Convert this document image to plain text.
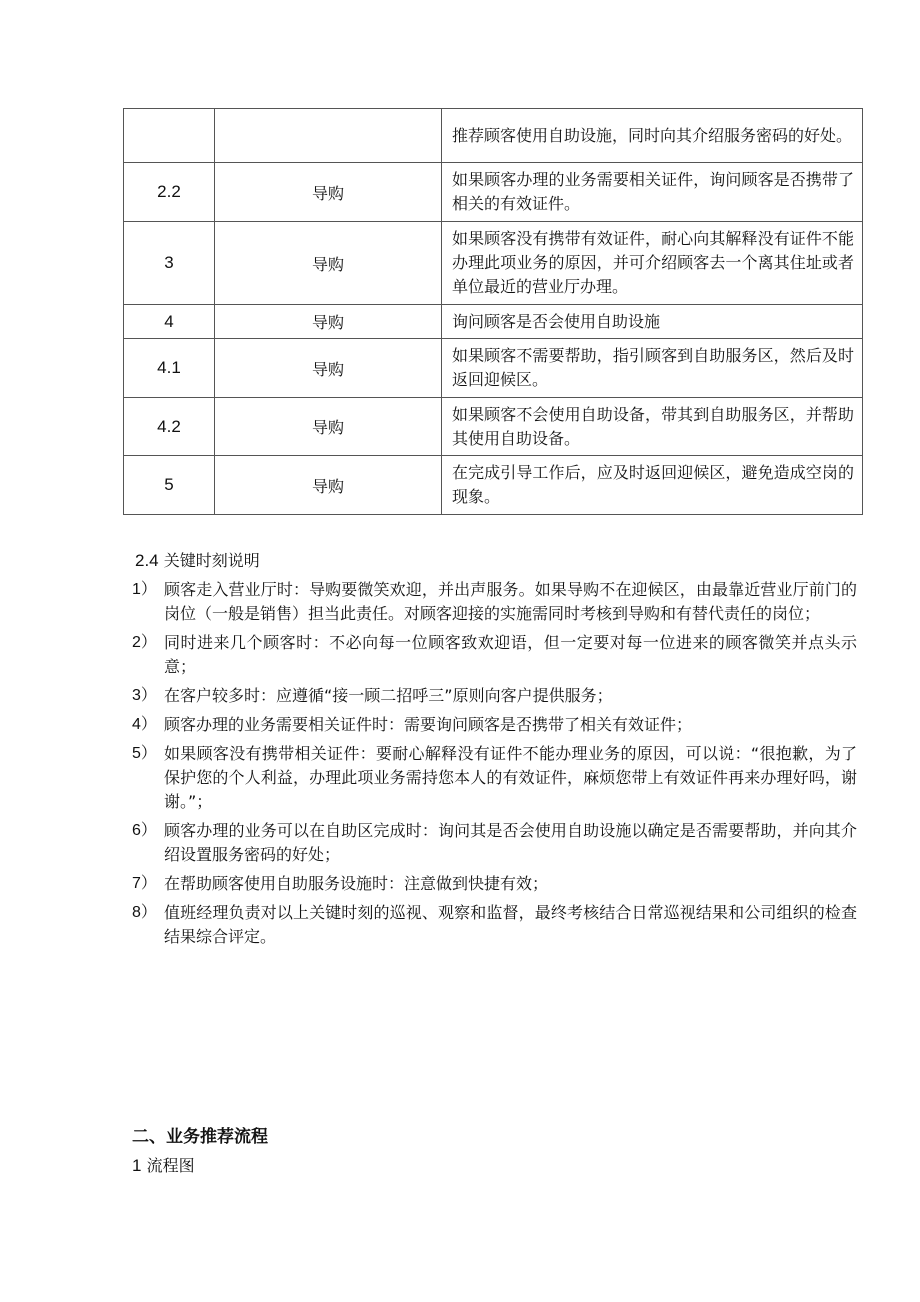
		推荐顾客使用自助设施，同时向其介绍服务密码的好处。
2.2	导购	如果顾客办理的业务需要相关证件，询问顾客是否携带了相关的有效证件。
3	导购	如果顾客没有携带有效证件，耐心向其解释没有证件不能办理此项业务的原因，并可介绍顾客去一个离其住址或者单位最近的营业厅办理。
4	导购	询问顾客是否会使用自助设施
4.1	导购	如果顾客不需要帮助，指引顾客到自助服务区，然后及时返回迎候区。
4.2	导购	如果顾客不会使用自助设备，带其到自助服务区，并帮助其使用自助设备。
5	导购	在完成引导工作后，应及时返回迎候区，避免造成空岗的现象。
2.4 关键时刻说明
1） 顾客走入营业厅时：导购要微笑欢迎，并出声服务。如果导购不在迎候区，由最靠近营业厅前门的岗位（一般是销售）担当此责任。对顾客迎接的实施需同时考核到导购和有替代责任的岗位；
2） 同时进来几个顾客时：不必向每一位顾客致欢迎语，但一定要对每一位进来的顾客微笑并点头示意；
3） 在客户较多时：应遵循“接一顾二招呼三”原则向客户提供服务；
4） 顾客办理的业务需要相关证件时：需要询问顾客是否携带了相关有效证件；
5） 如果顾客没有携带相关证件：要耐心解释没有证件不能办理业务的原因，可以说：“很抱歉，为了保护您的个人利益，办理此项业务需持您本人的有效证件，麻烦您带上有效证件再来办理好吗，谢谢。”；
6） 顾客办理的业务可以在自助区完成时：询问其是否会使用自助设施以确定是否需要帮助，并向其介绍设置服务密码的好处；
7） 在帮助顾客使用自助服务设施时：注意做到快捷有效；
8） 值班经理负责对以上关键时刻的巡视、观察和监督，最终考核结合日常巡视结果和公司组织的检查结果综合评定。
二、业务推荐流程
1 流程图
